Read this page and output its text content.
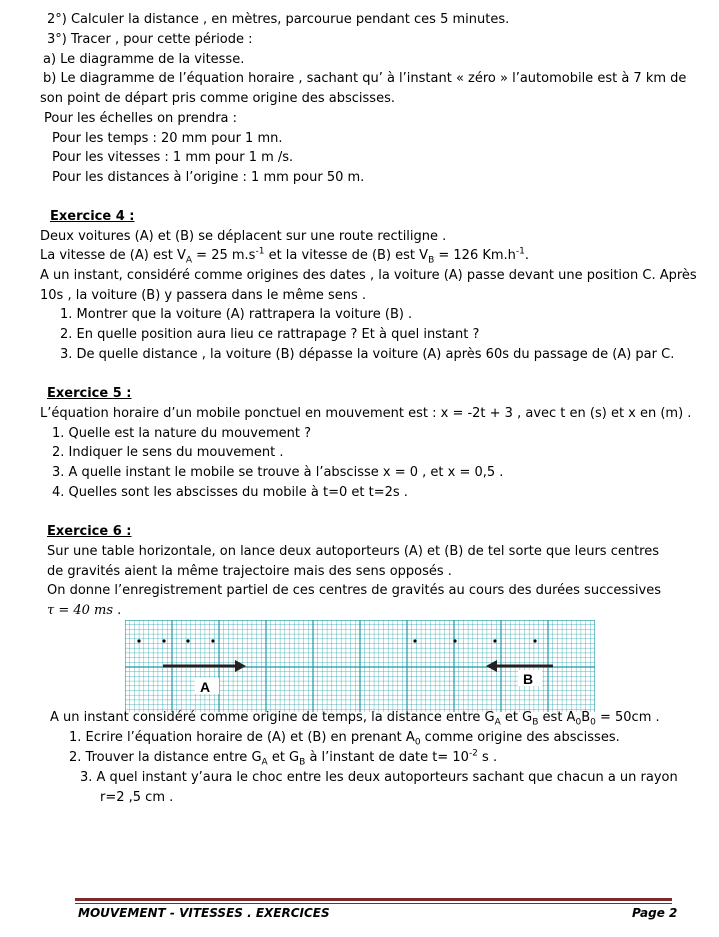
2°) Calculer la distance , en mètres, parcourue pendant ces 5 minutes.
3°) Tracer , pour cette période :
a) Le diagramme de la vitesse.
b) Le diagramme de l’équation horaire , sachant qu’ à l’instant « zéro » l’automobile est à 7 km de
son point de départ pris comme origine des abscisses.
Pour les échelles on prendra :
Pour les temps : 20 mm pour 1 mn.
Pour les vitesses : 1 mm pour 1 m /s.
Pour les distances à l’origine : 1 mm pour 50 m.
Exercice 4 :
Deux voitures (A) et (B) se déplacent sur une route rectiligne .
La vitesse de (A) est $V_A = 25$ $m.s^{-1}$ et la vitesse de (B) est $V_B = 126$ $Km.h^{-1}$.
A un instant, considéré comme origines des dates , la voiture (A) passe devant une position C. Après
10s , la voiture (B) y passera dans le même sens .
1. Montrer que la voiture (A) rattrapera la voiture (B) .
2. En quelle position aura lieu ce rattrapage ? Et à quel instant ?
3. De quelle distance , la voiture (B) dépasse la voiture (A) après 60s du passage de (A) par C.
Exercice 5 :
L’équation horaire d’un mobile ponctuel en mouvement est : x = -2t + 3 , avec t en (s) et x en (m) .
1. Quelle est la nature du mouvement ?
2. Indiquer le sens du mouvement .
3. A quelle instant le mobile se trouve à l’abscisse x = 0 , et x = 0,5 .
4. Quelles sont les abscisses du mobile à t=0 et t=2s .
Exercice 6 :
Sur une table horizontale, on lance deux autoporteurs (A) et (B) de tel sorte que leurs centres
de gravités aient la même trajectoire mais des sens opposés .
On donne l’enregistrement partiel de ces centres de gravités au cours des durées successives
τ = 40 ms .
A	B
A un instant considéré comme origine de temps, la distance entre $G_A$ et $G_B$ est $A_0B_0 = 50cm$ .
1. Ecrire l’équation horaire de (A) et (B) en prenant $A_0$ comme origine des abscisses.
2. Trouver la distance entre $G_A$ et $G_B$ à l’instant de date $t= 10^{-2}$ s .
3. A quel instant y’aura le choc entre les deux autoporteurs sachant que chacun a un rayon
r=2 ,5 cm .
MOUVEMENT - VITESSES . EXERCICES	Page 2
